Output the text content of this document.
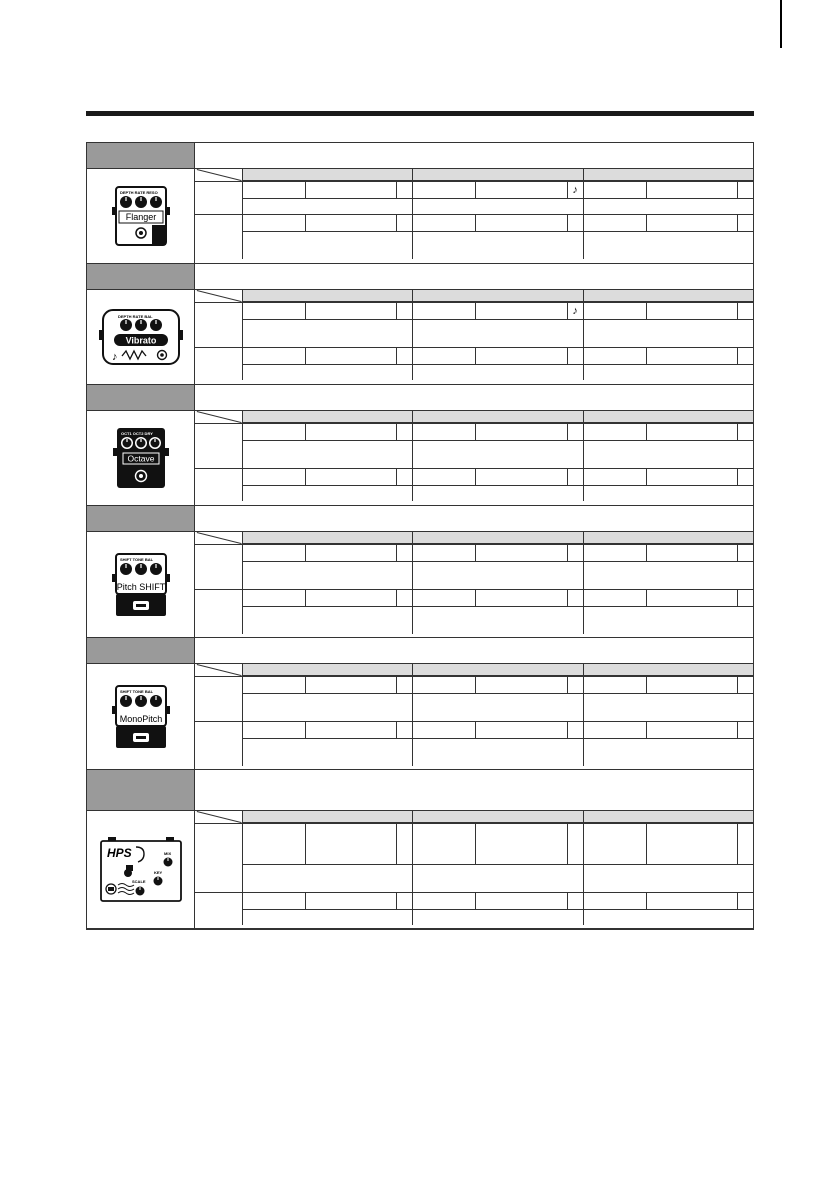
DEPTH RATE RESO
Flanger
♪
DEPTH RATE BAL
Vibrato
♪
♪
OCT1 OCT2 DRY
Octave
SHIFT TONE BAL
Pitch SHIFT
SHIFT TONE BAL
MonoPitch
HPS	MIX
KEY
SCALE
